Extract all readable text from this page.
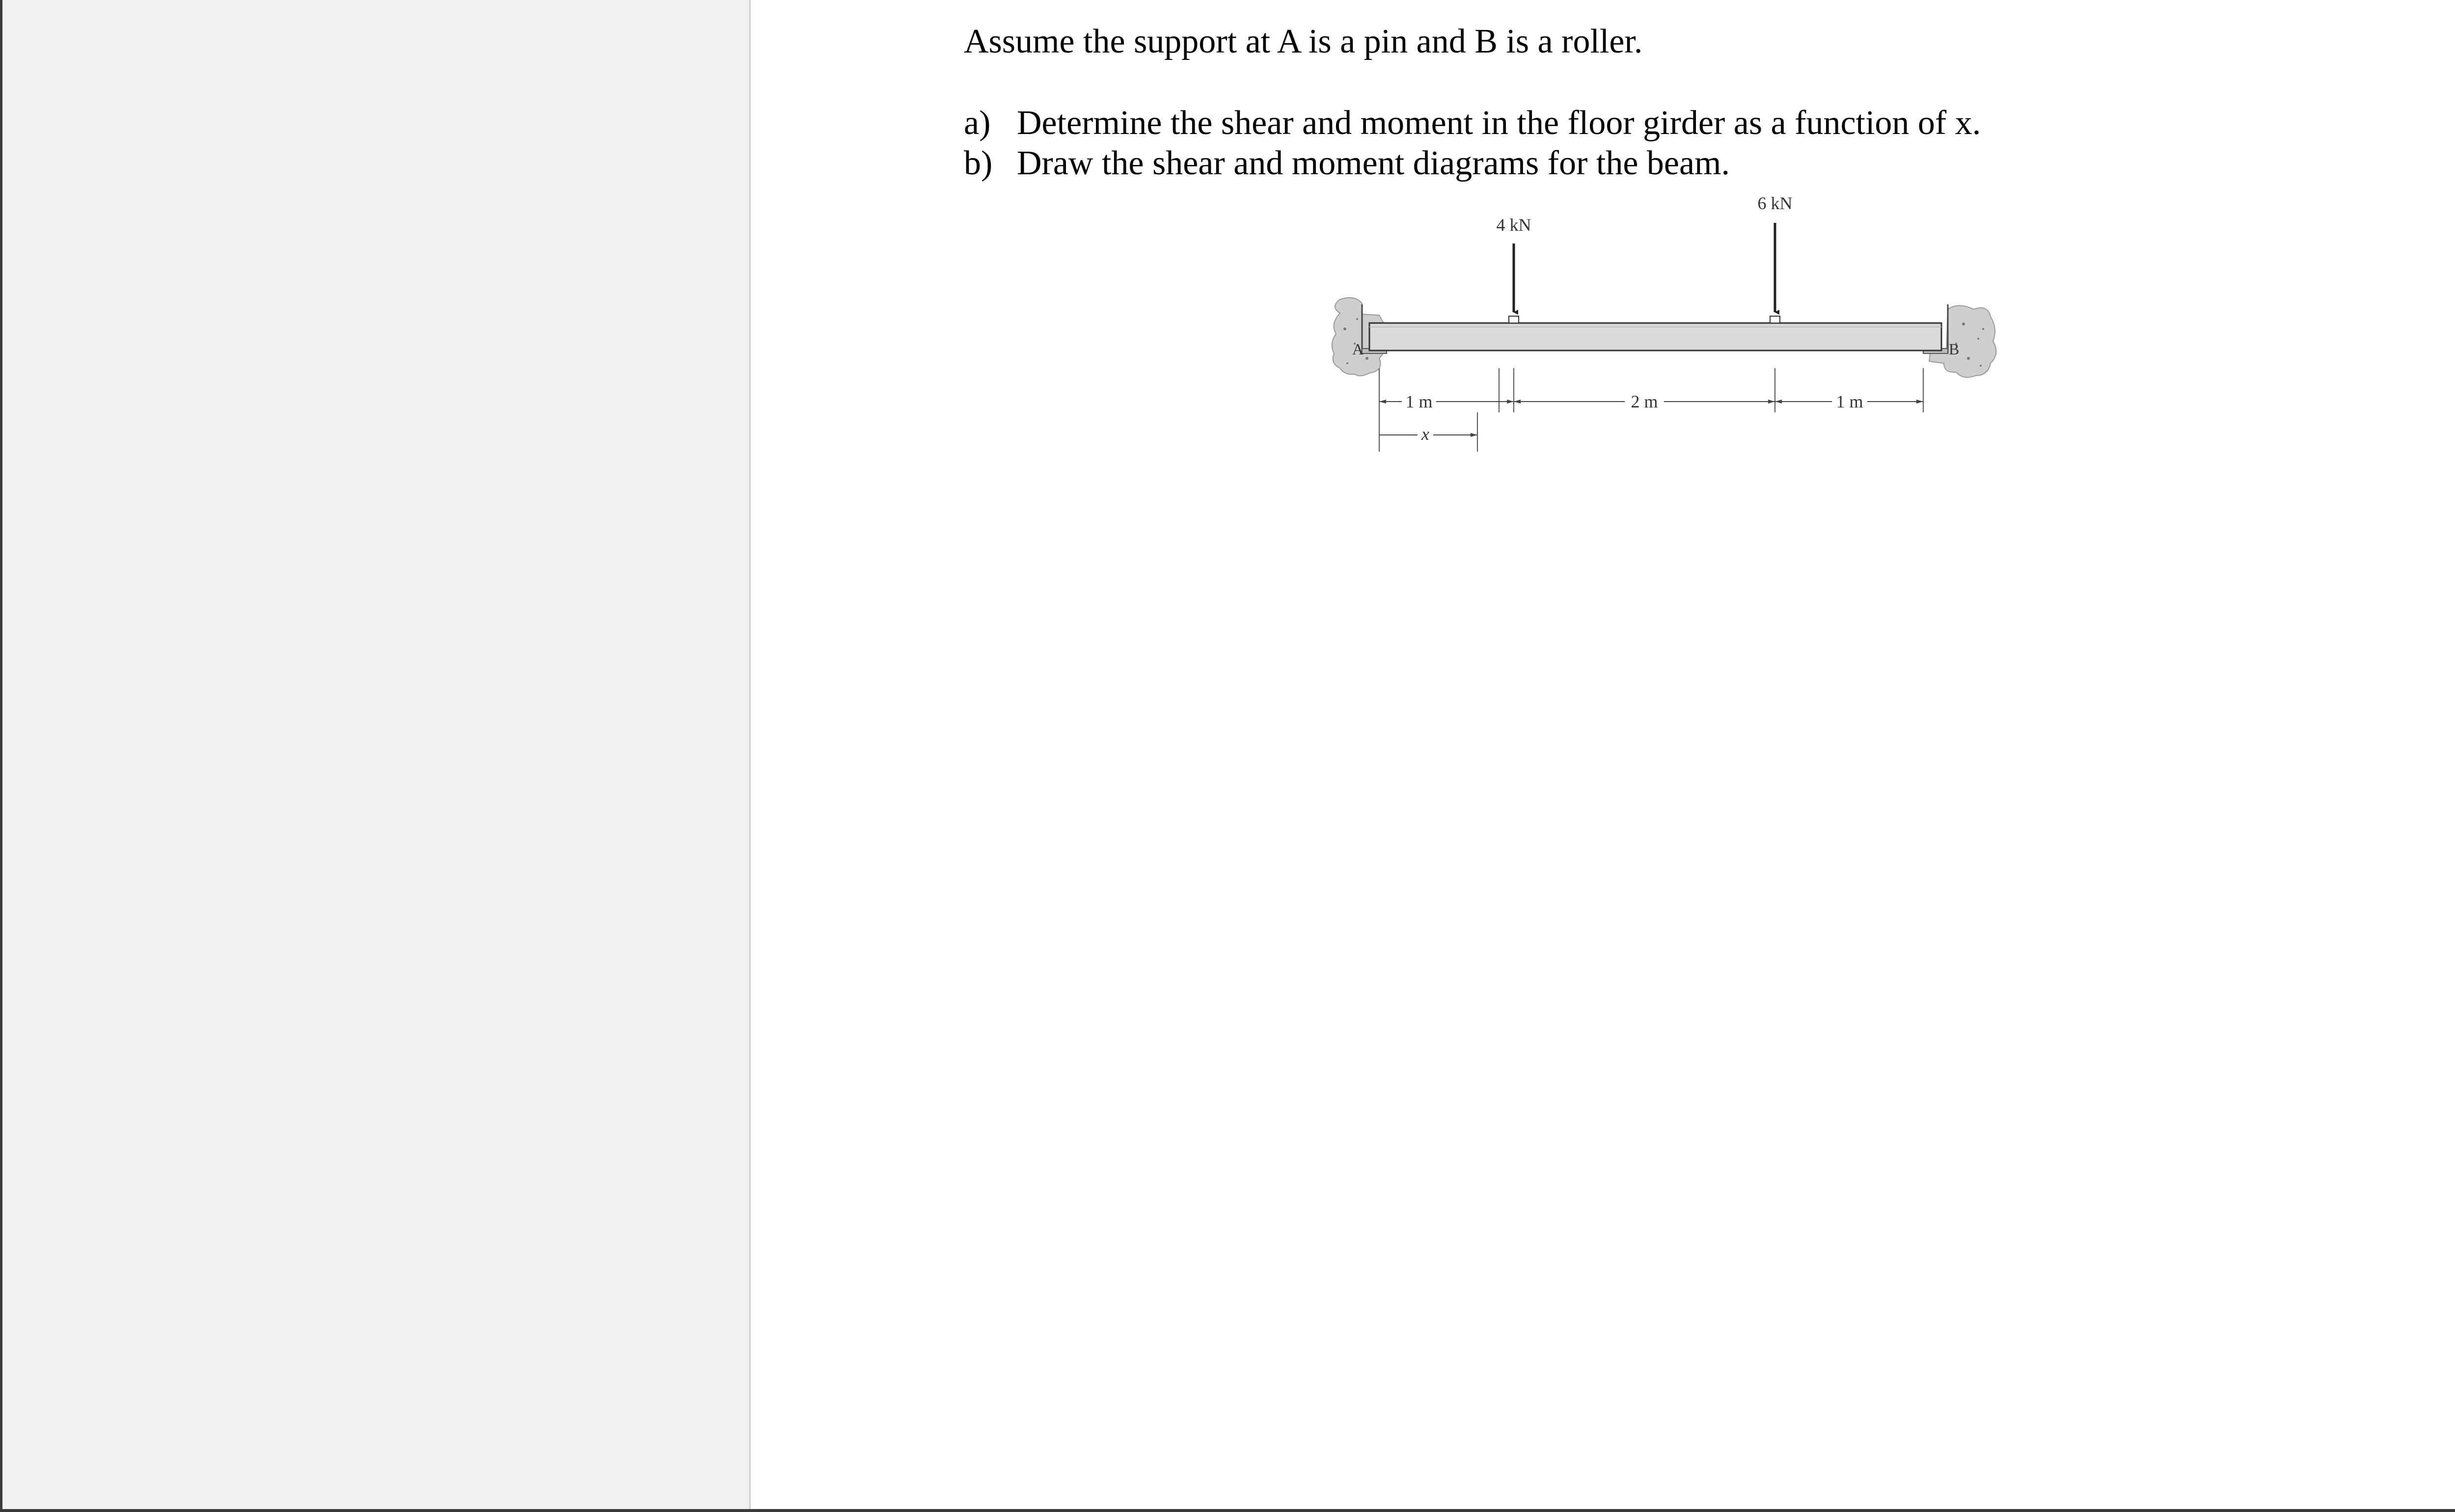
Assume the support at A is a pin and B is a roller.
a) Determine the shear and moment in the floor girder as a function of x.
b) Draw the shear and moment diagrams for the beam.
A	B
4 kN
6 kN
1 m	2 m	1 m
x
